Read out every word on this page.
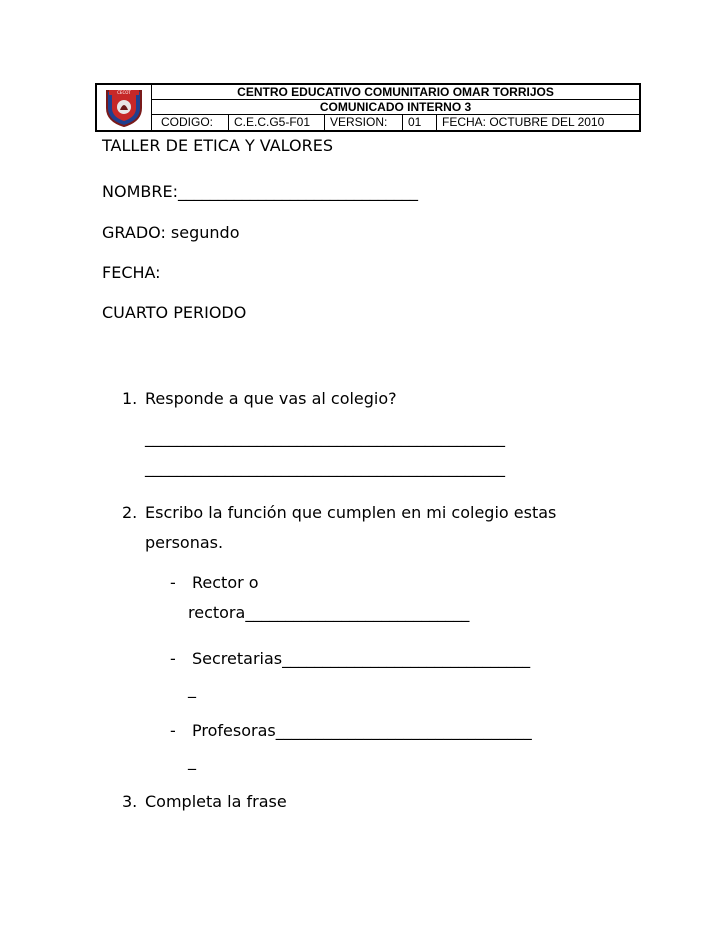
CECOT	CENTRO EDUCATIVO COMUNITARIO OMAR TORRIJOS
COMUNICADO INTERNO 3
CODIGO:	C.E.C.G5-F01	VERSION:	01	FECHA: OCTUBRE DEL 2010
TALLER DE ETICA Y VALORES
NOMBRE:______________________________
GRADO: segundo
FECHA:
CUARTO PERIODO
1. Responde a que vas al colegio?
_____________________________________________
_____________________________________________
2. Escribo la función que cumplen en mi colegio estas
personas.
- Rector o
rectora____________________________
- Secretarias_______________________________
_
- Profesoras________________________________
_
3. Completa la frase
